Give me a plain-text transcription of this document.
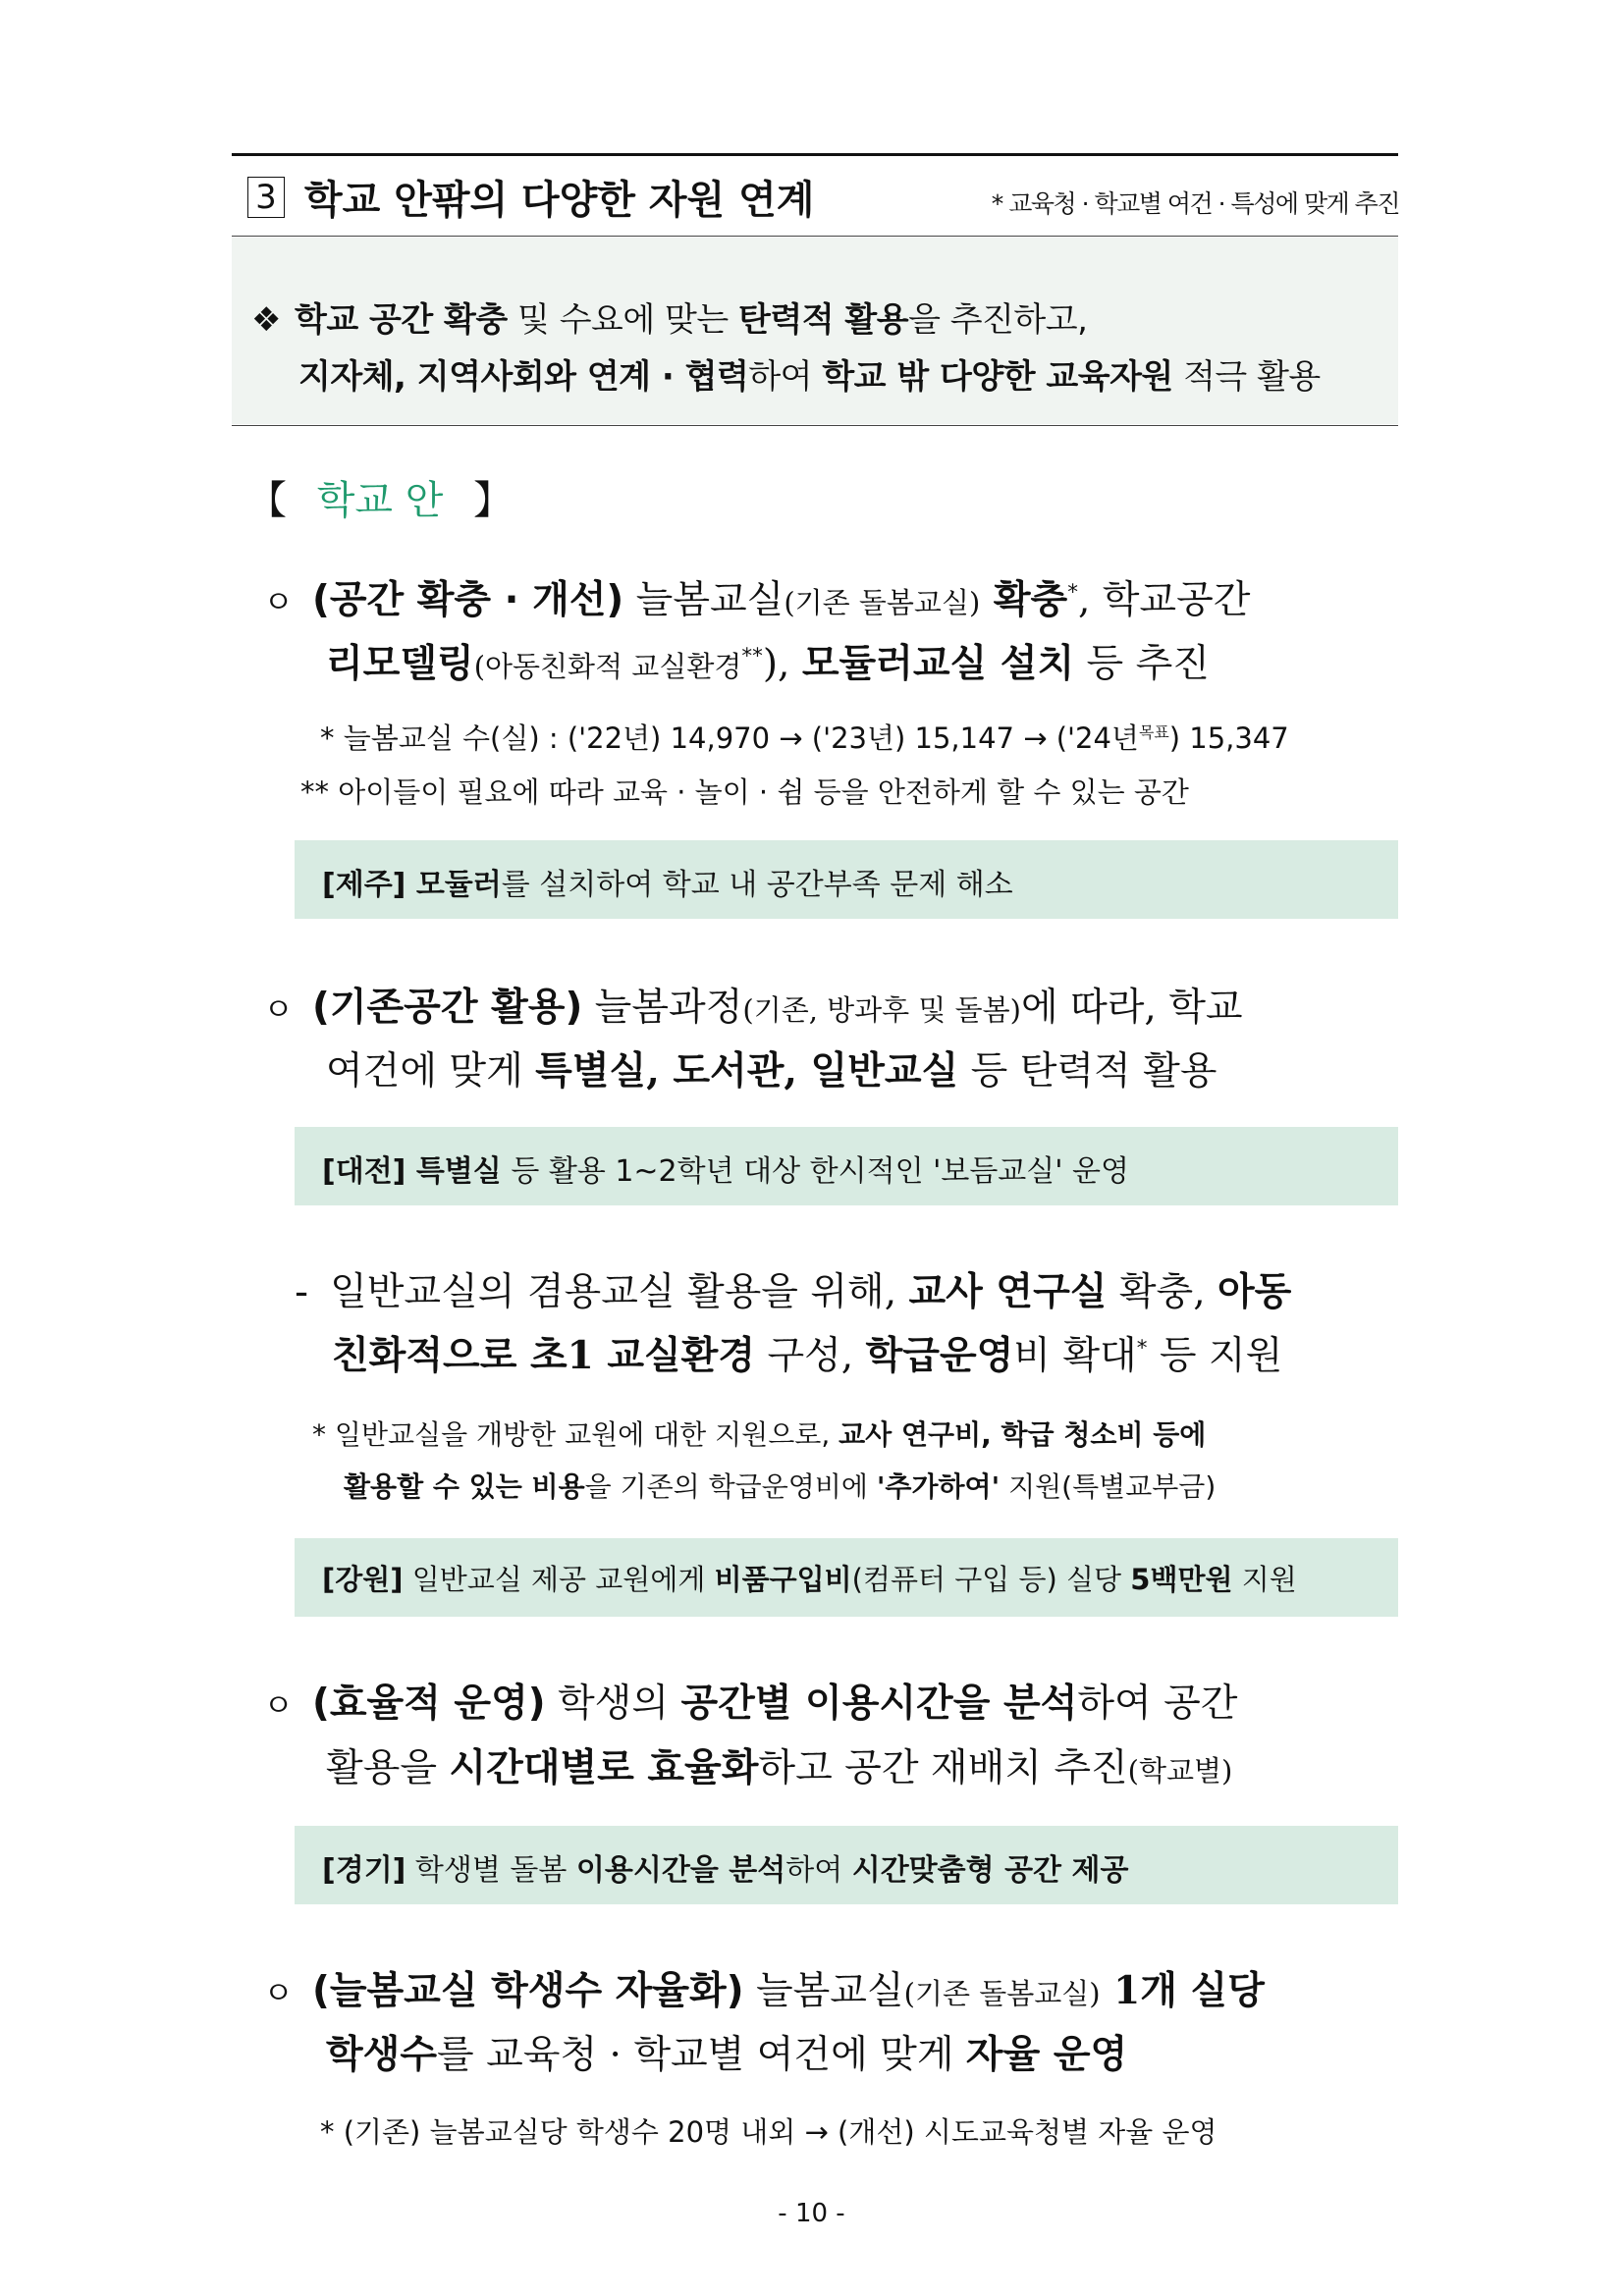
3 학교 안팎의 다양한 자원 연계	* 교육청 · 학교별 여건 · 특성에 맞게 추진
❖ 학교 공간 확충 및 수요에 맞는 탄력적 활용을 추진하고,
지자체, 지역사회와 연계 · 협력하여 학교 밖 다양한 교육자원 적극 활용
【 학교 안 】
ㅇ (공간 확충 · 개선) 늘봄교실(기존 돌봄교실) 확충*, 학교공간
리모델링(아동친화적 교실환경**), 모듈러교실 설치 등 추진
* 늘봄교실 수(실) : ('22년) 14,970 → ('23년) 15,147 → ('24년$^{목표}$) 15,347
** 아이들이 필요에 따라 교육 · 놀이 · 쉼 등을 안전하게 할 수 있는 공간
[제주] 모듈러를 설치하여 학교 내 공간부족 문제 해소
ㅇ (기존공간 활용) 늘봄과정(기존, 방과후 및 돌봄)에 따라, 학교
여건에 맞게 특별실, 도서관, 일반교실 등 탄력적 활용
[대전] 특별실 등 활용 1~2학년 대상 한시적인 '보듬교실' 운영
- 일반교실의 겸용교실 활용을 위해, 교사 연구실 확충, 아동
친화적으로 초1 교실환경 구성, 학급운영비 확대* 등 지원
* 일반교실을 개방한 교원에 대한 지원으로, 교사 연구비, 학급 청소비 등에
활용할 수 있는 비용을 기존의 학급운영비에 '추가하여' 지원(특별교부금)
[강원] 일반교실 제공 교원에게 비품구입비(컴퓨터 구입 등) 실당 5백만원 지원
ㅇ (효율적 운영) 학생의 공간별 이용시간을 분석하여 공간
활용을 시간대별로 효율화하고 공간 재배치 추진(학교별)
[경기] 학생별 돌봄 이용시간을 분석하여 시간맞춤형 공간 제공
ㅇ (늘봄교실 학생수 자율화) 늘봄교실(기존 돌봄교실) 1개 실당
학생수를 교육청 · 학교별 여건에 맞게 자율 운영
* (기존) 늘봄교실당 학생수 20명 내외 → (개선) 시도교육청별 자율 운영
- 10 -
